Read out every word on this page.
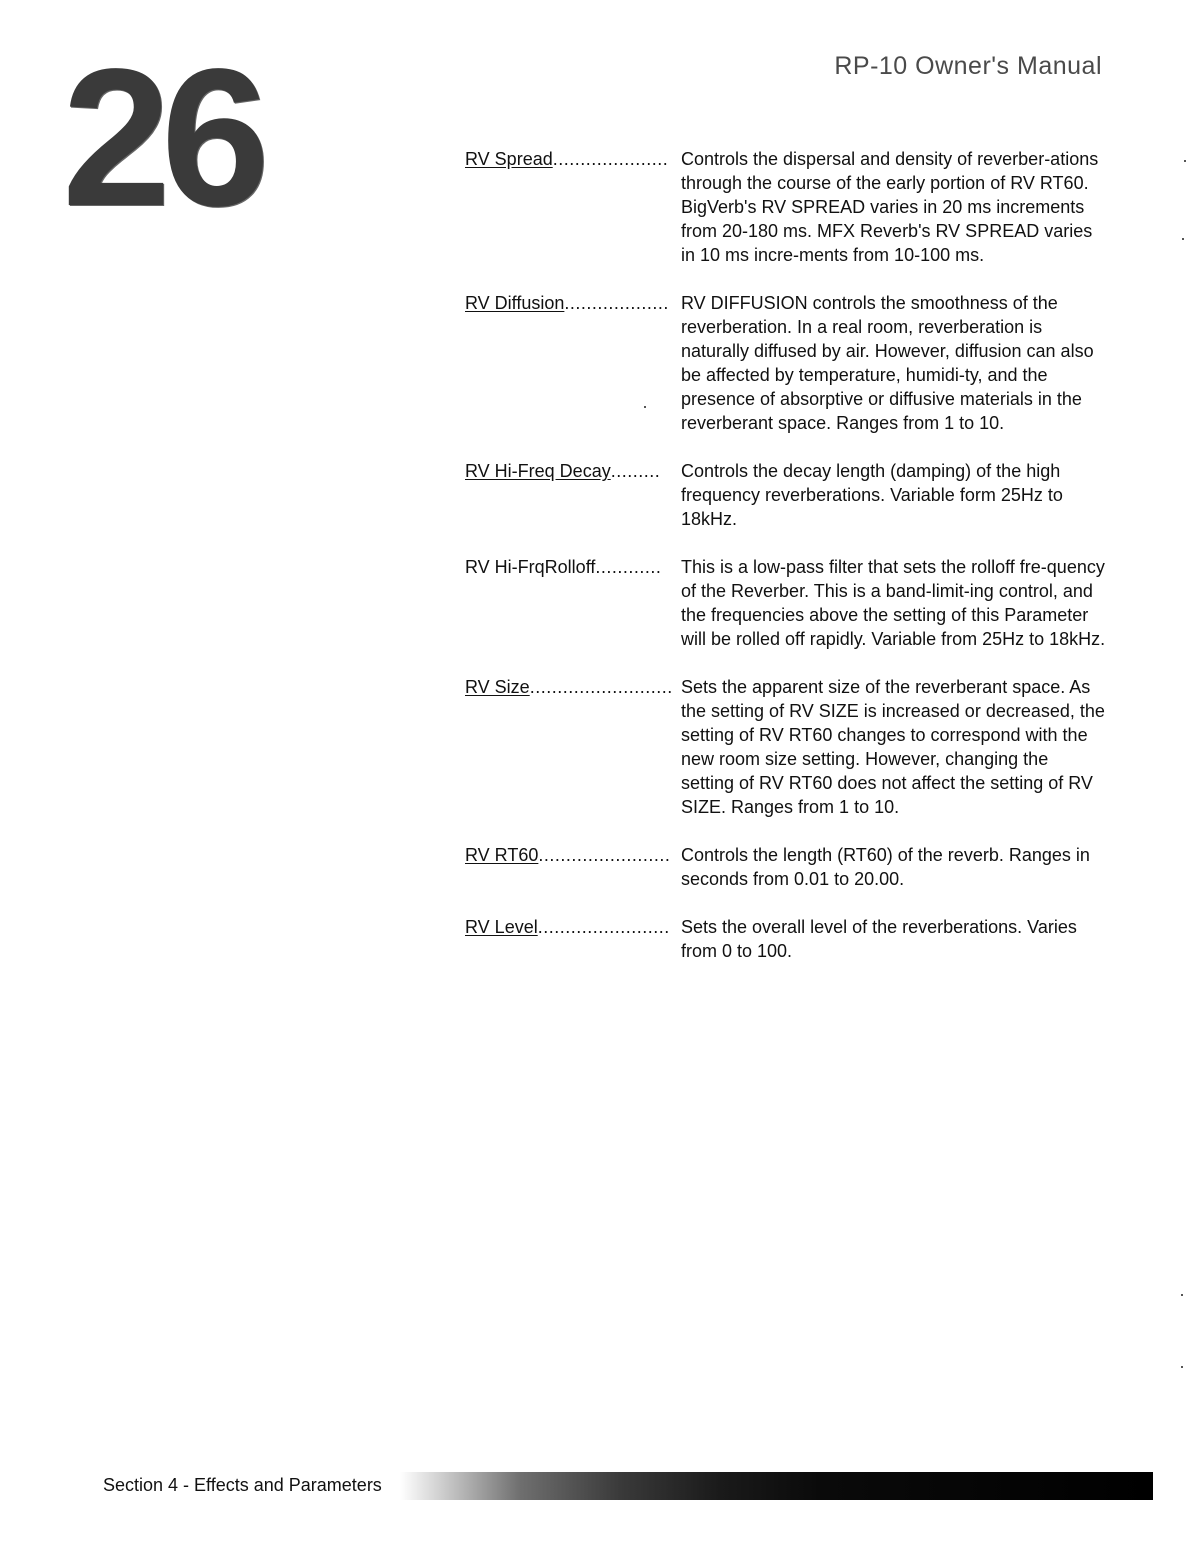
26	RP-10 Owner's Manual
RV Spread..................... Controls the dispersal and density of reverber-ations through the course of the early portion of RV RT60. BigVerb's RV SPREAD varies in 20 ms increments from 20-180 ms. MFX Reverb's RV SPREAD varies in 10 ms incre-ments from 10-100 ms.
RV Diffusion................... RV DIFFUSION controls the smoothness of the reverberation. In a real room, reverberation is naturally diffused by air. However, diffusion can also be affected by temperature, humidi-ty, and the presence of absorptive or diffusive materials in the reverberant space. Ranges from 1 to 10.
RV Hi-Freq Decay.........	Controls the decay length (damping) of the high frequency reverberations. Variable form 25Hz to 18kHz.
RV Hi-FrqRolloff............	This is a low-pass filter that sets the rolloff fre-quency of the Reverber. This is a band-limit-ing control, and the frequencies above the setting of this Parameter will be rolled off rapidly. Variable from 25Hz to 18kHz.
RV Size.......................... Sets the apparent size of the reverberant space. As the setting of RV SIZE is increased or decreased, the setting of RV RT60 changes to correspond with the new room size setting. However, changing the setting of RV RT60 does not affect the setting of RV SIZE. Ranges from 1 to 10.
RV RT60........................ Controls the length (RT60) of the reverb. Ranges in seconds from 0.01 to 20.00.
RV Level........................ Sets the overall level of the reverberations. Varies from 0 to 100.
Section 4 - Effects and Parameters
